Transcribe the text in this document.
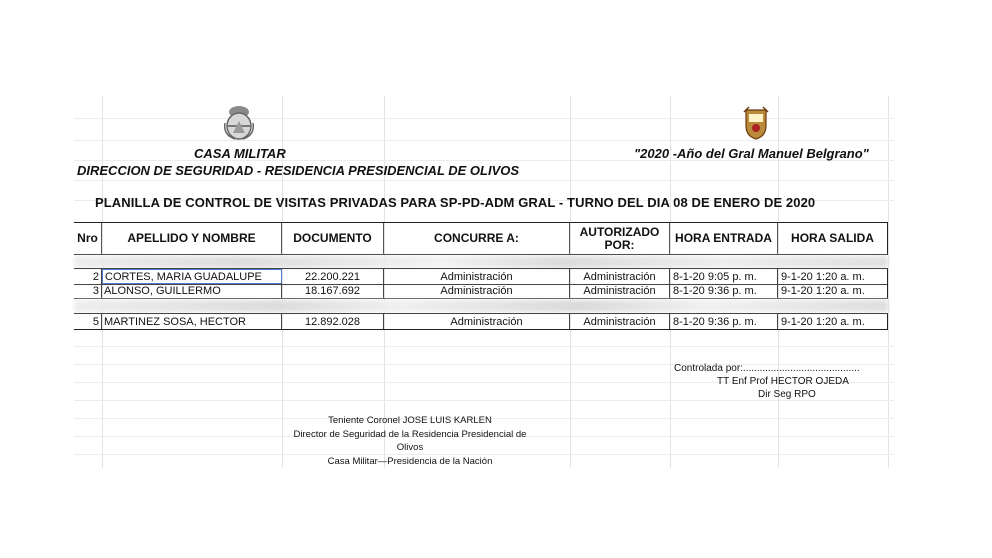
CASA MILITAR
DIRECCION DE SEGURIDAD - RESIDENCIA PRESIDENCIAL DE OLIVOS
"2020 -Año del Gral Manuel Belgrano"
PLANILLA DE CONTROL DE VISITAS PRIVADAS PARA SP-PD-ADM GRAL - TURNO DEL DIA 08 DE ENERO DE 2020
Nro	APELLIDO Y NOMBRE	DOCUMENTO	CONCURRE A:	AUTORIZADO POR:	HORA ENTRADA	HORA SALIDA
2 CORTES, MARIA GUADALUPE	22.200.221	Administración	Administración	8-1-20 9:05 p. m.	9-1-20 1:20 a. m.
3 ALONSO, GUILLERMO	18.167.692	Administración	Administración	8-1-20 9:36 p. m.	9-1-20 1:20 a. m.
5 MARTINEZ SOSA, HECTOR	12.892.028	Administración	Administración	8-1-20 9:36 p. m.	9-1-20 1:20 a. m.
Controlada por:..........................................
TT Enf Prof HECTOR OJEDA
Dir Seg RPO
Teniente Coronel JOSE LUIS KARLEN
Director de Seguridad de la Residencia Presidencial de
Olivos
Casa Militar—Presidencia de la Nación
